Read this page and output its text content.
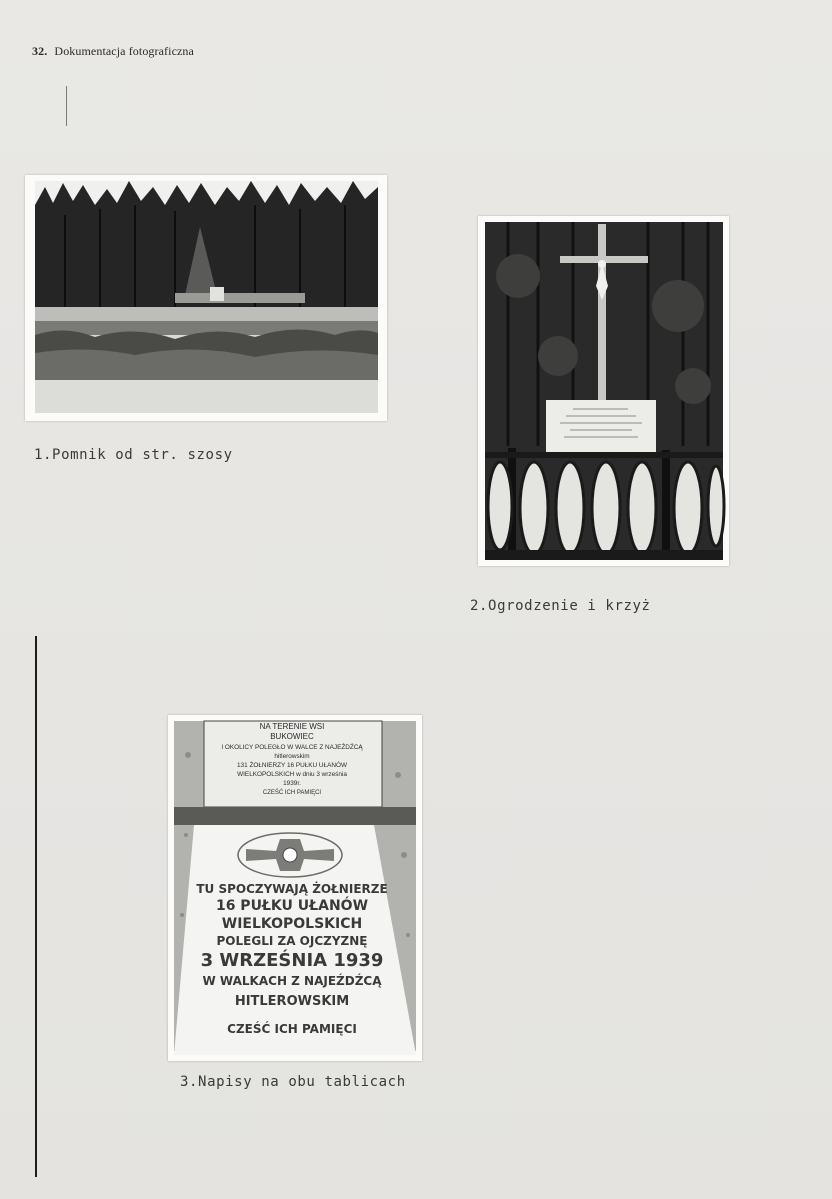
32. Dokumentacja fotograficzna
1.Pomnik od str. szosy
2.Ogrodzenie i krzyż
NA TERENIE WSI
BUKOWIEC
I OKOLICY POLEGŁO W WALCE Z NAJEŹDŹCĄ
hitlerowskim
131 ŻOŁNIERZY 16 PUŁKU UŁANÓW
WIELKOPOLSKICH w dniu 3 września
1939r.
CZEŚĆ ICH PAMIĘCI
TU SPOCZYWAJĄ ŻOŁNIERZE
16 PUŁKU UŁANÓW
WIELKOPOLSKICH
POLEGLI ZA OJCZYZNĘ
3 WRZEŚNIA 1939
W WALKACH Z NAJEŹDŹCĄ
HITLEROWSKIM
CZEŚĆ ICH PAMIĘCI
3.Napisy na obu tablicach
